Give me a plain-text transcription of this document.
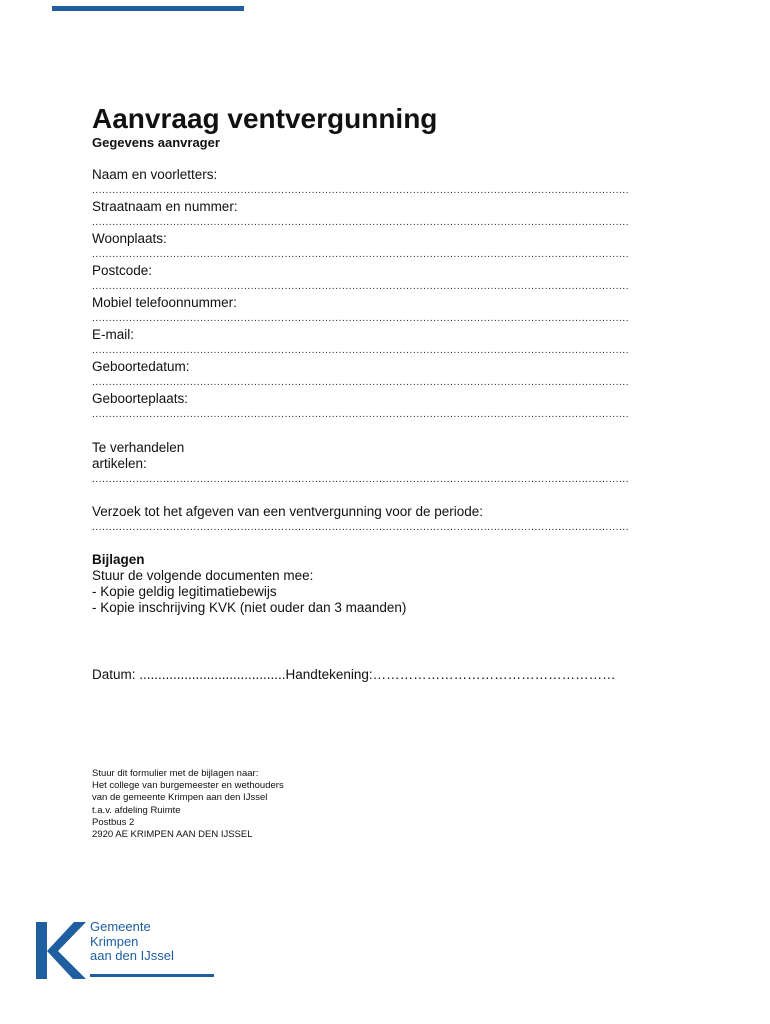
Aanvraag ventvergunning
Gegevens aanvrager
Naam en voorletters:
...............................................................................................................................................................
Straatnaam en nummer:
...............................................................................................................................................................
Woonplaats:
...............................................................................................................................................................
Postcode:
...............................................................................................................................................................
Mobiel telefoonnummer:
...............................................................................................................................................................
E-mail:
...............................................................................................................................................................
Geboortedatum:
...............................................................................................................................................................
Geboorteplaats:
...............................................................................................................................................................
Te verhandelen
artikelen:
...............................................................................................................................................................
Verzoek tot het afgeven van een ventvergunning voor de periode:
...............................................................................................................................................................
Bijlagen
Stuur de volgende documenten mee:
- Kopie geldig legitimatiebewijs
- Kopie inschrijving KVK (niet ouder dan 3 maanden)
Datum: .......................................Handtekening:………………………………………………
Stuur dit formulier met de bijlagen naar:
Het college van burgemeester en wethouders
van de gemeente Krimpen aan den IJssel
t.a.v. afdeling Ruimte
Postbus 2
2920 AE KRIMPEN AAN DEN IJSSEL
Gemeente
Krimpen
aan den IJssel
